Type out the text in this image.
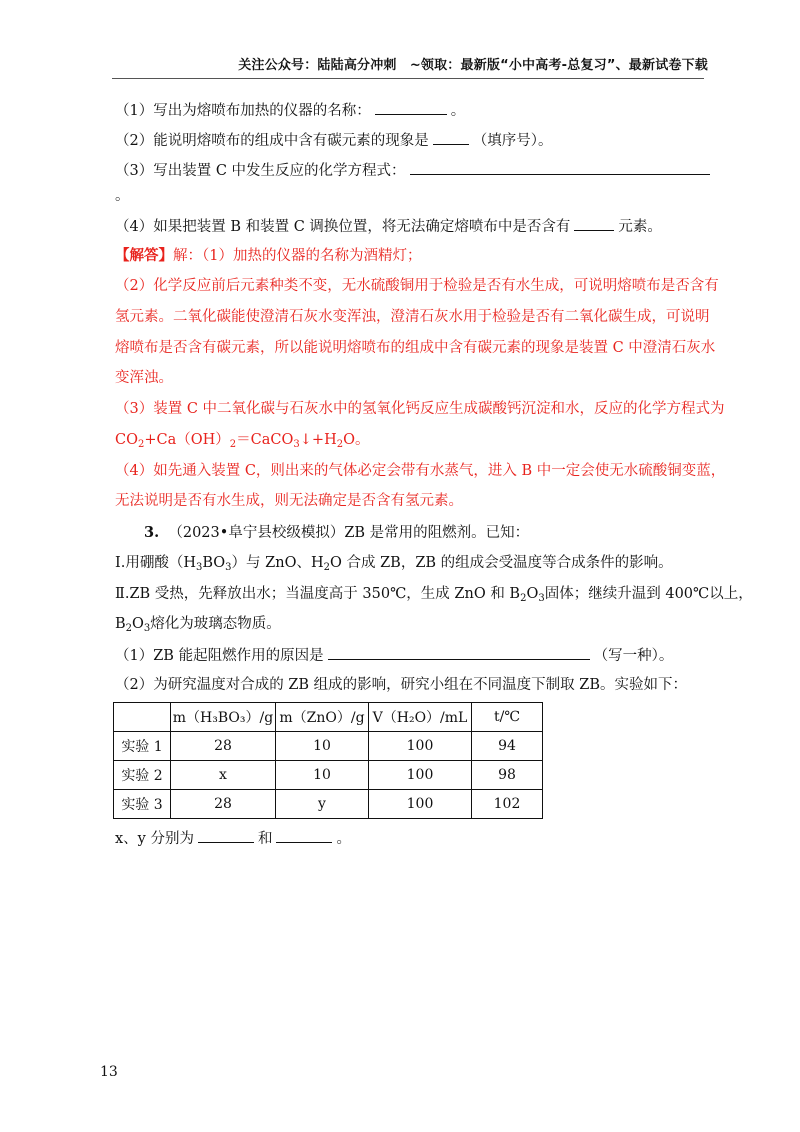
关注公众号：陆陆高分冲刺　~领取：最新版“小中高考-总复习”、最新试卷下载
（1）写出为熔喷布加热的仪器的名称：	。
（2）能说明熔喷布的组成中含有碳元素的现象是	（填序号）。
（3）写出装置 C 中发生反应的化学方程式：
。
（4）如果把装置 B 和装置 C 调换位置，将无法确定熔喷布中是否含有	元素。
【解答】解：（1）加热的仪器的名称为酒精灯；
（2）化学反应前后元素种类不变，无水硫酸铜用于检验是否有水生成，可说明熔喷布是否含有
氢元素。二氧化碳能使澄清石灰水变浑浊，澄清石灰水用于检验是否有二氧化碳生成，可说明
熔喷布是否含有碳元素，所以能说明熔喷布的组成中含有碳元素的现象是装置 C 中澄清石灰水
变浑浊。
（3）装置 C 中二氧化碳与石灰水中的氢氧化钙反应生成碳酸钙沉淀和水，反应的化学方程式为
$CO_2+Ca(OH)_2=CaCO_3↓+H_2O$。
（4）如先通入装置 C，则出来的气体必定会带有水蒸气，进入 B 中一定会使无水硫酸铜变蓝，
无法说明是否有水生成，则无法确定是否含有氢元素。
3. （2023•阜宁县校级模拟）ZB 是常用的阻燃剂。已知：
Ⅰ.用硼酸$(H_3BO_3)$与 ZnO、$H_2O$ 合成 ZB，ZB 的组成会受温度等合成条件的影响。
Ⅱ.ZB 受热，先释放出水；当温度高于 350℃，生成 ZnO 和 $B_2O_3$固体；继续升温到 400℃以上，
$B_2O_3$熔化为玻璃态物质。
（1）ZB 能起阻燃作用的原因是	（写一种）。
（2）为研究温度对合成的 ZB 组成的影响，研究小组在不同温度下制取 ZB。实验如下：
	m（H₃BO₃）/g	m（ZnO）/g	V（H₂O）/mL	t/℃
实验 1	28	10	100	94
实验 2	x	10	100	98
实验 3	28	y	100	102
x、y 分别为	和	。
13
